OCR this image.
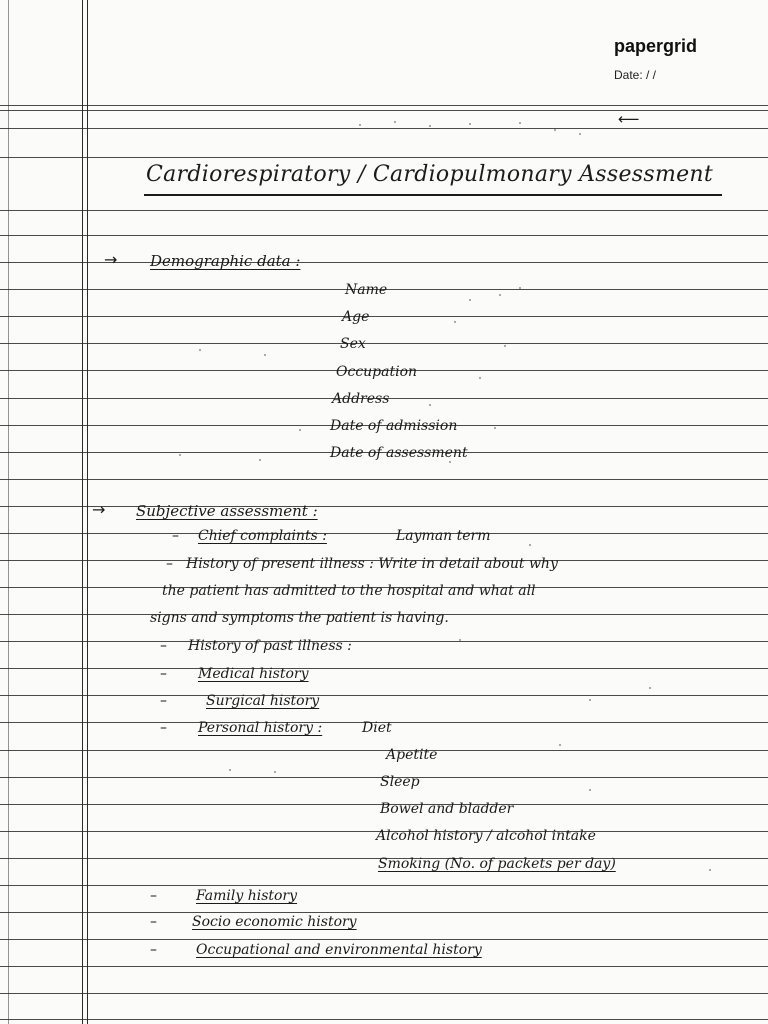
papergrid
Date: / /
⟵
Cardiorespiratory / Cardiopulmonary Assessment
→ Demographic data :
Name
Age
Sex
Occupation
Address
Date of admission
Date of assessment
→ Subjective assessment :
– Chief complaints :	Layman term
– History of present illness : Write in detail about why
the patient has admitted to the hospital and what all
signs and symptoms the patient is having.
– History of past illness :
– Medical history
–	Surgical history
– Personal history :	Diet
Apetite
Sleep
Bowel and bladder
Alcohol history / alcohol intake
Smoking (No. of packets per day)
–	Family history
–	Socio economic history
–	Occupational and environmental history
